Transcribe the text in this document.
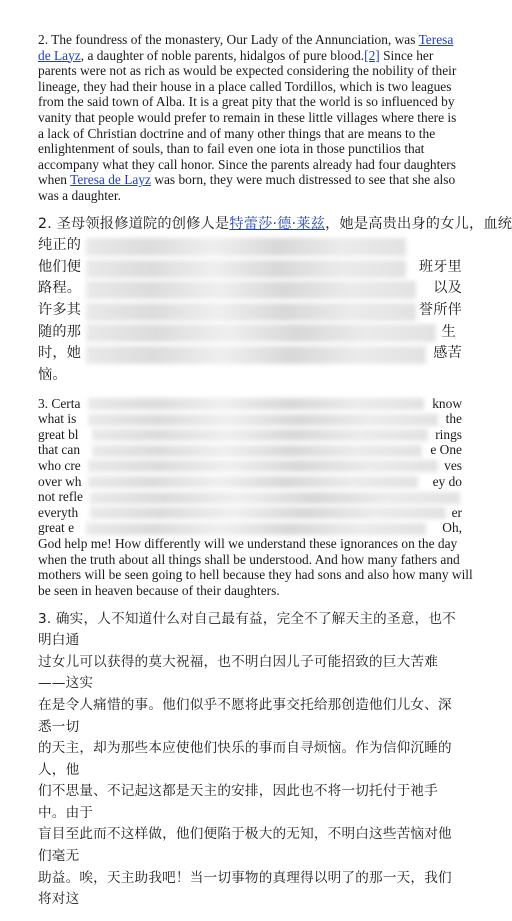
2. The foundress of the monastery, Our Lady of the Annunciation, was Teresa de Layz, a daughter of noble parents, hidalgos of pure blood.[2] Since her parents were not as rich as would be expected considering the nobility of their lineage, they had their house in a place called Tordillos, which is two leagues from the said town of Alba. It is a great pity that the world is so influenced by vanity that people would prefer to remain in these little villages where there is a lack of Christian doctrine and of many other things that are means to the enlightenment of souls, than to fail even one iota in those punctilios that accompany what they call honor. Since the parents already had four daughters when Teresa de Layz was born, they were much distressed to see that she also was a daughter.

2. 圣母领报修道院的创修人是特蕾莎·德·莱兹，她是高贵出身的女儿，血统
纯正的
他们便	班牙里
路程。	以及
许多其	誉所伴
随的那	生
时，她	感苦
恼。
3. Certa	know
what is	the
great bl	rings
that can	e One
who cre	ves
over wh	ey do
not refle
everyth	er
great e	Oh,
God help me! How differently will we understand these ignorances on the day
when the truth about all things shall be understood. And how many fathers and
mothers will be seen going to hell because they had sons and also how many will
be seen in heaven because of their daughters.
3. 确实，人不知道什么对自己最有益，完全不了解天主的圣意，也不明白通
过女儿可以获得的莫大祝福，也不明白因儿子可能招致的巨大苦难——这实
在是令人痛惜的事。他们似乎不愿将此事交托给那创造他们儿女、深悉一切
的天主，却为那些本应使他们快乐的事而自寻烦恼。作为信仰沉睡的人，他
们不思量、不记起这都是天主的安排，因此也不将一切托付于祂手中。由于
盲目至此而不这样做，他们便陷于极大的无知，不明白这些苦恼对他们毫无
助益。唉，天主助我吧！当一切事物的真理得以明了的那一天，我们将对这
